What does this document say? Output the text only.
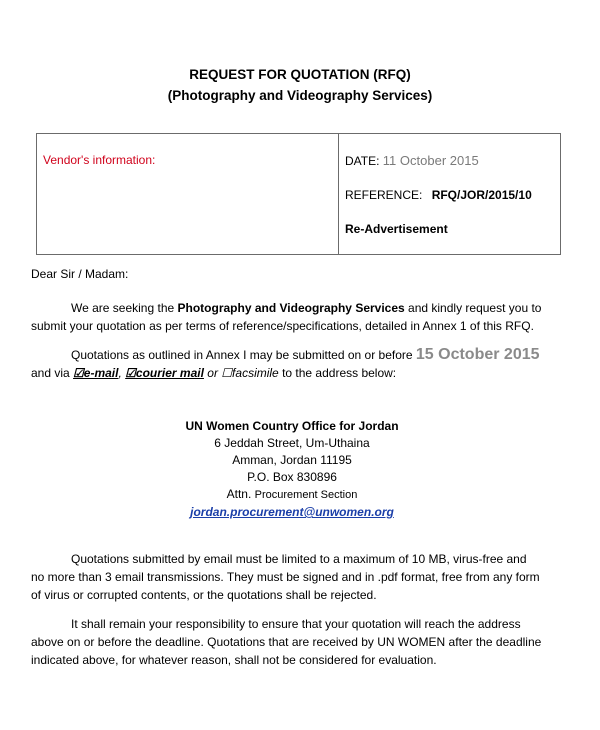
REQUEST FOR QUOTATION (RFQ)
(Photography and Videography Services)
Vendor's information:	DATE: 11 October 2015
REFERENCE: RFQ/JOR/2015/10
Re-Advertisement
Dear Sir / Madam:
We are seeking the Photography and Videography Services and kindly request you to
submit your quotation as per terms of reference/specifications, detailed in Annex 1 of this RFQ.
Quotations as outlined in Annex I may be submitted on or before 15 October 2015
and via ☑e-mail, ☑courier mail or ☐facsimile to the address below:
UN Women Country Office for Jordan
6 Jeddah Street, Um-Uthaina
Amman, Jordan 11195
P.O. Box 830896
Attn. Procurement Section
jordan.procurement@unwomen.org
Quotations submitted by email must be limited to a maximum of 10 MB, virus-free and
no more than 3 email transmissions. They must be signed and in .pdf format, free from any form
of virus or corrupted contents, or the quotations shall be rejected.
It shall remain your responsibility to ensure that your quotation will reach the address
above on or before the deadline. Quotations that are received by UN WOMEN after the deadline
indicated above, for whatever reason, shall not be considered for evaluation.
